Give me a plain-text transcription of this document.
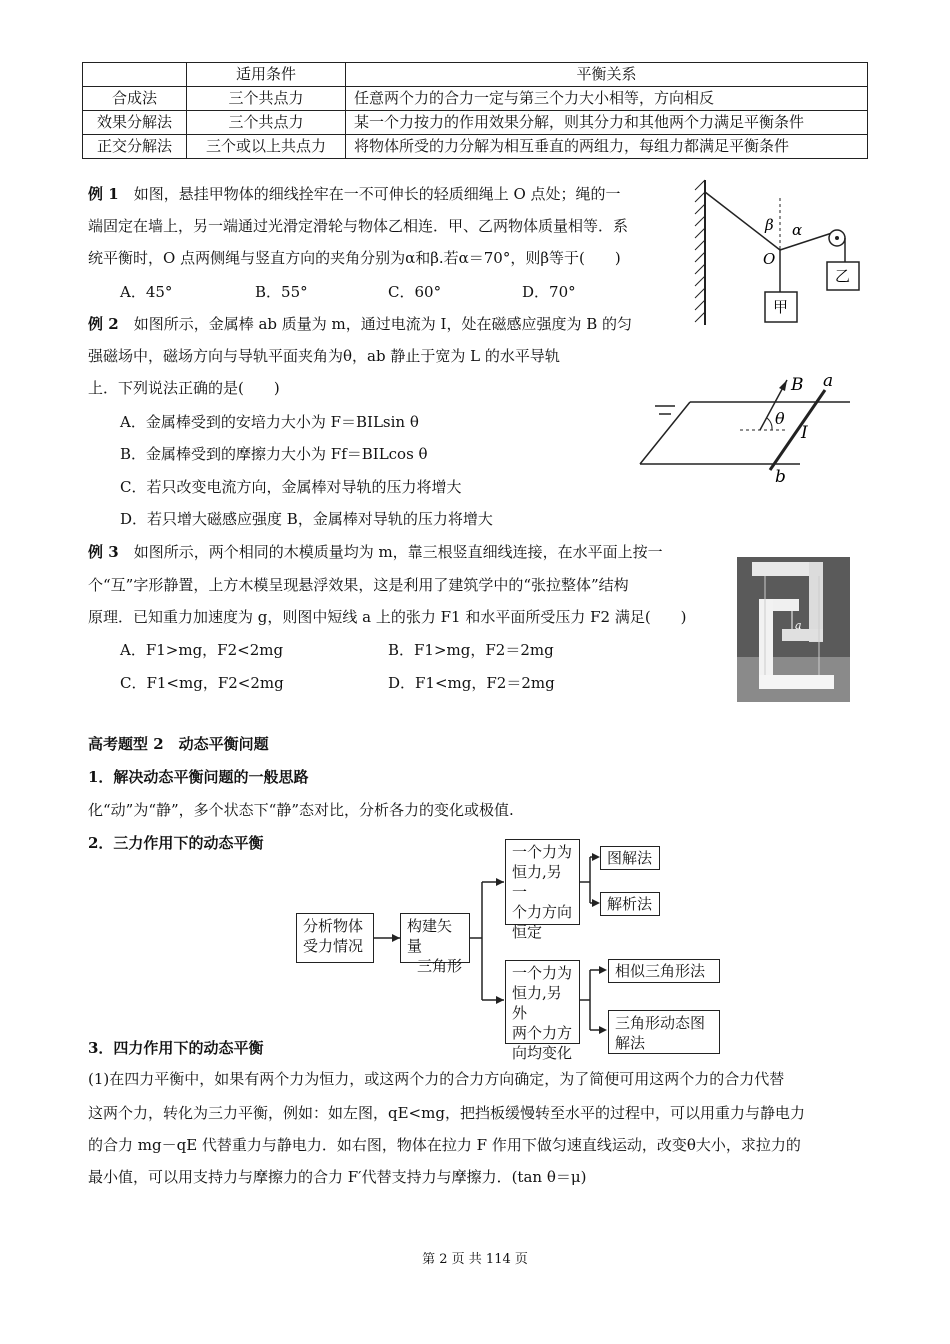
	适用条件	平衡关系
合成法	三个共点力	任意两个力的合力一定与第三个力大小相等，方向相反
效果分解法	三个共点力	某一个力按力的作用效果分解，则其分力和其他两个力满足平衡条件
正交分解法	三个或以上共点力	将物体所受的力分解为相互垂直的两组力，每组力都满足平衡条件
例 1　 如图，悬挂甲物体的细线拴牢在一不可伸长的轻质细绳上 O 点处；绳的一
端固定在墙上，另一端通过光滑定滑轮与物体乙相连．甲、乙两物体质量相等．系
统平衡时，O 点两侧绳与竖直方向的夹角分别为α和β.若α＝70°，则β等于(　　)
A．45°	B．55°	C．60°	D．70°
β α
O
甲
乙
例 2　 如图所示，金属棒 ab 质量为 m，通过电流为 I，处在磁感应强度为 B 的匀
强磁场中，磁场方向与导轨平面夹角为θ，ab 静止于宽为 L 的水平导轨
上．下列说法正确的是(　　)
A．金属棒受到的安培力大小为 F＝BILsin θ
B．金属棒受到的摩擦力大小为 Ff＝BILcos θ
C．若只改变电流方向，金属棒对导轨的压力将增大
D．若只增大磁感应强度 B，金属棒对导轨的压力将增大
B a
θ
I
b
例 3　 如图所示，两个相同的木模质量均为 m，靠三根竖直细线连接，在水平面上按一
个“互”字形静置，上方木模呈现悬浮效果，这是利用了建筑学中的“张拉整体”结构
原理．已知重力加速度为 g，则图中短线 a 上的张力 F1 和水平面所受压力 F2 满足(　　)
A．F1>mg，F2<2mg	B．F1>mg，F2＝2mg
C．F1<mg，F2<2mg	D．F1<mg，F2＝2mg
a
高考题型 2　动态平衡问题
1．解决动态平衡问题的一般思路
化“动”为“静”，多个状态下“静”态对比，分析各力的变化或极值.
2．三力作用下的动态平衡
分析物体
受力情况
构建矢量
三角形
一个力为
恒力,另一
个力方向
恒定
一个力为
恒力,另外
两个力方
向均变化
图解法
解析法
相似三角形法
三角形动态图
解法
3．四力作用下的动态平衡
(1)在四力平衡中，如果有两个力为恒力，或这两个力的合力方向确定，为了简便可用这两个力的合力代替
这两个力，转化为三力平衡，例如：如左图，qE<mg，把挡板缓慢转至水平的过程中，可以用重力与静电力
的合力 mg－qE 代替重力与静电力．如右图，物体在拉力 F 作用下做匀速直线运动，改变θ大小，求拉力的
最小值，可以用支持力与摩擦力的合力 F′代替支持力与摩擦力．(tan θ＝μ)
第 2 页 共 114 页
